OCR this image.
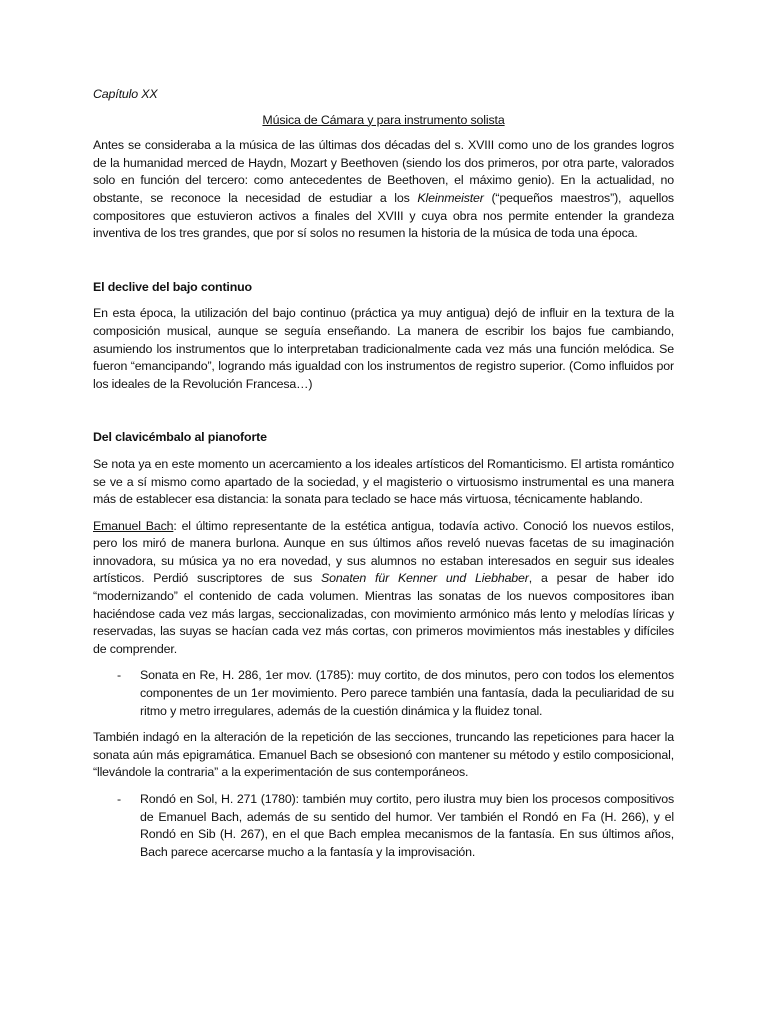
Capítulo XX
Música de Cámara y para instrumento solista

Antes se consideraba a la música de las últimas dos décadas del s. XVIII como uno de los grandes logros de la humanidad merced de Haydn, Mozart y Beethoven (siendo los dos primeros, por otra parte, valorados solo en función del tercero: como antecedentes de Beethoven, el máximo genio). En la actualidad, no obstante, se reconoce la necesidad de estudiar a los Kleinmeister (“pequeños maestros”), aquellos compositores que estuvieron activos a finales del XVIII y cuya obra nos permite entender la grandeza inventiva de los tres grandes, que por sí solos no resumen la historia de la música de toda una época.

El declive del bajo continuo

En esta época, la utilización del bajo continuo (práctica ya muy antigua) dejó de influir en la textura de la composición musical, aunque se seguía enseñando. La manera de escribir los bajos fue cambiando, asumiendo los instrumentos que lo interpretaban tradicionalmente cada vez más una función melódica. Se fueron “emancipando”, logrando más igualdad con los instrumentos de registro superior. (Como influidos por los ideales de la Revolución Francesa…)

Del clavicémbalo al pianoforte

Se nota ya en este momento un acercamiento a los ideales artísticos del Romanticismo. El artista romántico se ve a sí mismo como apartado de la sociedad, y el magisterio o virtuosismo instrumental es una manera más de establecer esa distancia: la sonata para teclado se hace más virtuosa, técnicamente hablando.

Emanuel Bach: el último representante de la estética antigua, todavía activo. Conoció los nuevos estilos, pero los miró de manera burlona. Aunque en sus últimos años reveló nuevas facetas de su imaginación innovadora, su música ya no era novedad, y sus alumnos no estaban interesados en seguir sus ideales artísticos. Perdió suscriptores de sus Sonaten für Kenner und Liebhaber, a pesar de haber ido “modernizando” el contenido de cada volumen. Mientras las sonatas de los nuevos compositores iban haciéndose cada vez más largas, seccionalizadas, con movimiento armónico más lento y melodías líricas y reservadas, las suyas se hacían cada vez más cortas, con primeros movimientos más inestables y difíciles de comprender.

- Sonata en Re, H. 286, 1er mov. (1785): muy cortito, de dos minutos, pero con todos los elementos componentes de un 1er movimiento. Pero parece también una fantasía, dada la peculiaridad de su ritmo y metro irregulares, además de la cuestión dinámica y la fluidez tonal.

También indagó en la alteración de la repetición de las secciones, truncando las repeticiones para hacer la sonata aún más epigramática. Emanuel Bach se obsesionó con mantener su método y estilo composicional, “llevándole la contraria” a la experimentación de sus contemporáneos.

- Rondó en Sol, H. 271 (1780): también muy cortito, pero ilustra muy bien los procesos compositivos de Emanuel Bach, además de su sentido del humor. Ver también el Rondó en Fa (H. 266), y el Rondó en Sib (H. 267), en el que Bach emplea mecanismos de la fantasía. En sus últimos años, Bach parece acercarse mucho a la fantasía y la improvisación.
